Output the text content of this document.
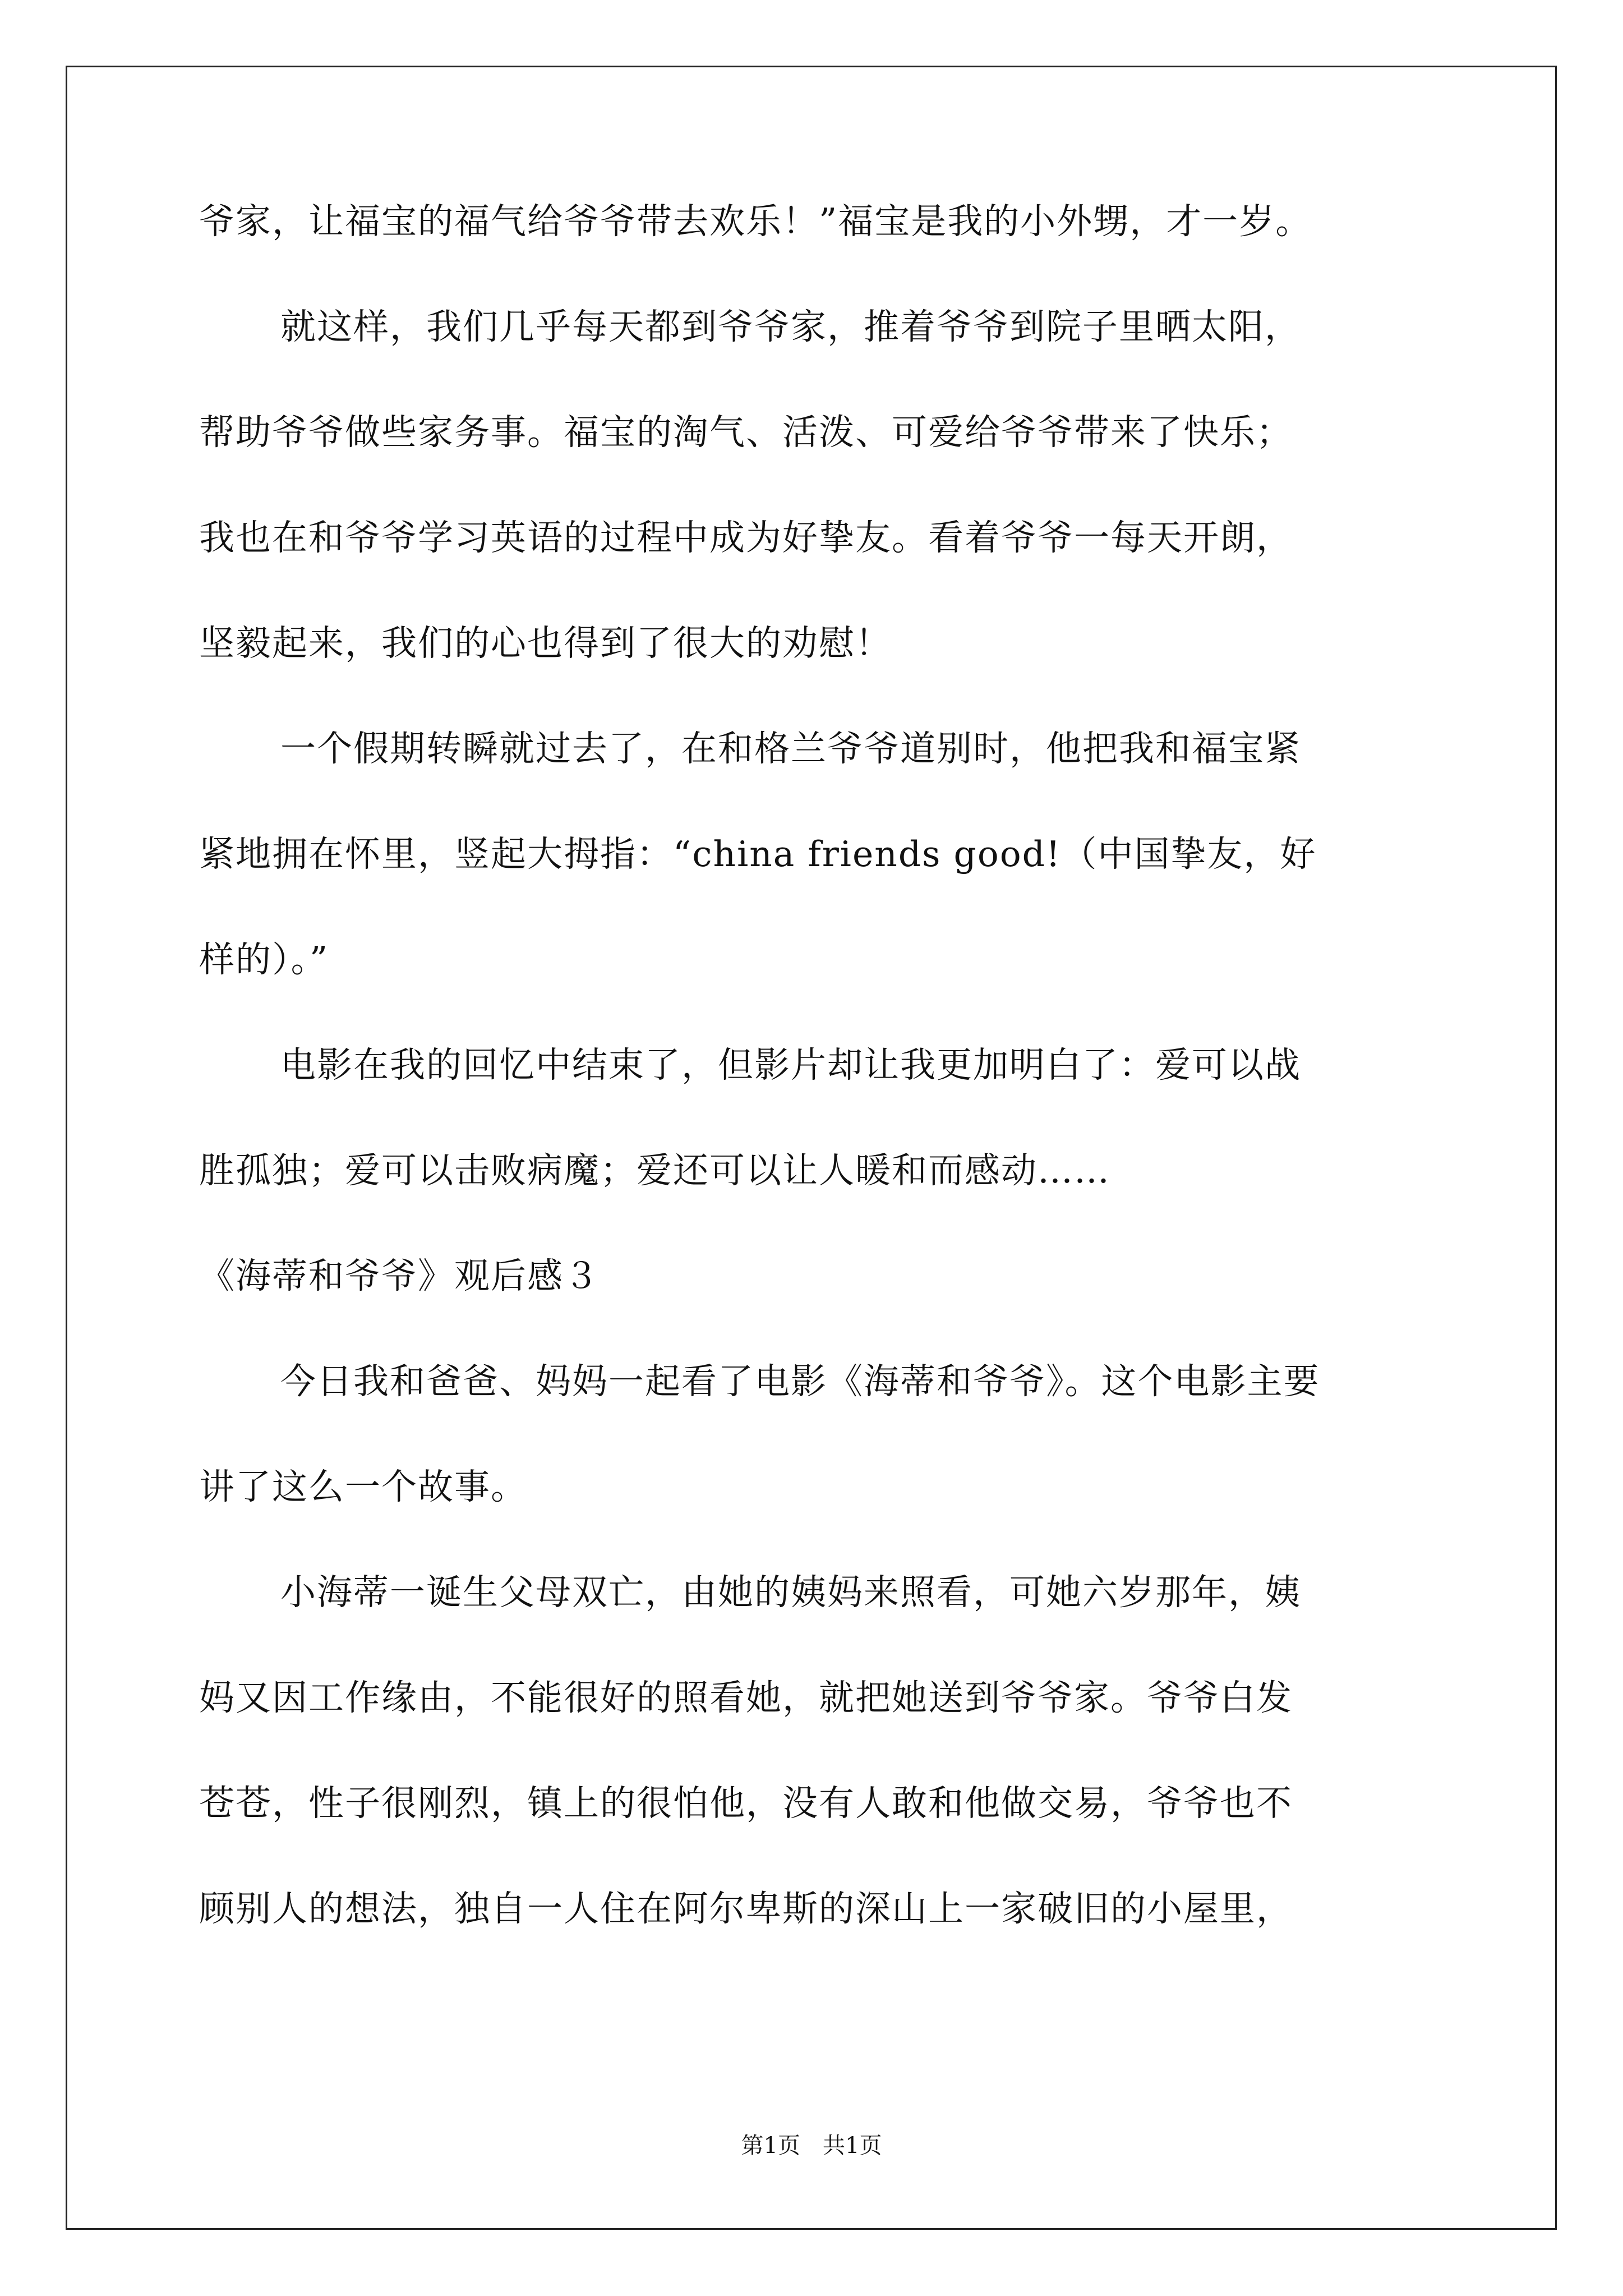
爷家，让福宝的福气给爷爷带去欢乐！”福宝是我的小外甥，才一岁。
就这样，我们几乎每天都到爷爷家，推着爷爷到院子里晒太阳，
帮助爷爷做些家务事。福宝的淘气、活泼、可爱给爷爷带来了快乐；
我也在和爷爷学习英语的过程中成为好挚友。看着爷爷一每天开朗，
坚毅起来，我们的心也得到了很大的劝慰！
一个假期转瞬就过去了，在和格兰爷爷道别时，他把我和福宝紧
紧地拥在怀里，竖起大拇指：“china friends good!（中国挚友，好
样的）。”
电影在我的回忆中结束了，但影片却让我更加明白了：爱可以战
胜孤独；爱可以击败病魔；爱还可以让人暖和而感动……
《海蒂和爷爷》观后感３
今日我和爸爸、妈妈一起看了电影《海蒂和爷爷》。这个电影主要
讲了这么一个故事。
小海蒂一诞生父母双亡，由她的姨妈来照看，可她六岁那年，姨
妈又因工作缘由，不能很好的照看她，就把她送到爷爷家。爷爷白发
苍苍，性子很刚烈，镇上的很怕他，没有人敢和他做交易，爷爷也不
顾别人的想法，独自一人住在阿尔卑斯的深山上一家破旧的小屋里，
第1页　共1页
